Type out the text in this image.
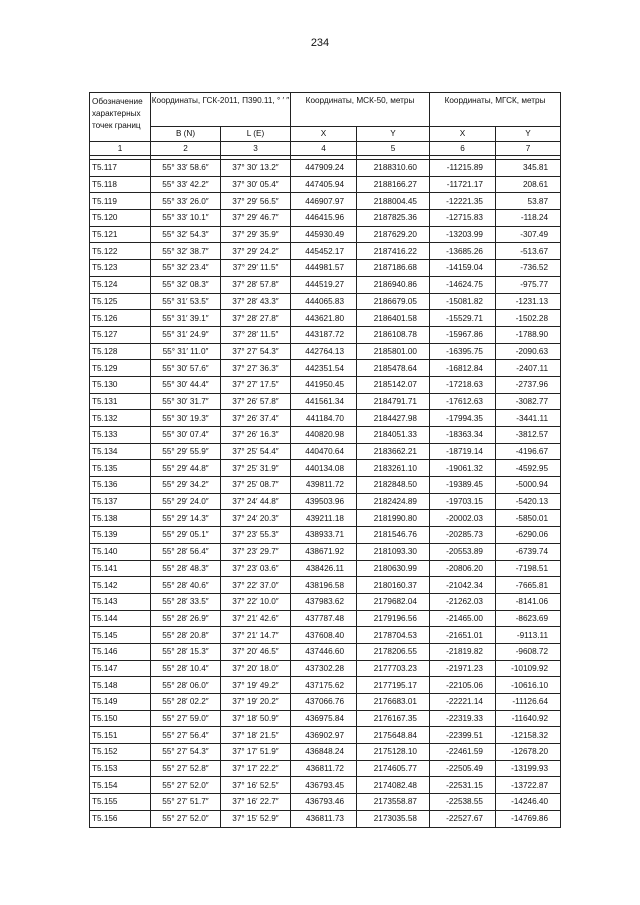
234
Обозначение характерных точек границ	Координаты, ГСК-2011, П390.11, ° ′ ″		Координаты, МСК-50, метры		Координаты, МГСК, метры	
	B (N)	L (E)	X	Y	X	Y
1	2	3	4	5	6	7

Т5.117	55° 33′ 58.6″	37° 30′ 13.2″	447909.24	2188310.60	-11215.89	345.81
Т5.118	55° 33′ 42.2″	37° 30′ 05.4″	447405.94	2188166.27	-11721.17	208.61
Т5.119	55° 33′ 26.0″	37° 29′ 56.5″	446907.97	2188004.45	-12221.35	53.87
Т5.120	55° 33′ 10.1″	37° 29′ 46.7″	446415.96	2187825.36	-12715.83	-118.24
Т5.121	55° 32′ 54.3″	37° 29′ 35.9″	445930.49	2187629.20	-13203.99	-307.49
Т5.122	55° 32′ 38.7″	37° 29′ 24.2″	445452.17	2187416.22	-13685.26	-513.67
Т5.123	55° 32′ 23.4″	37° 29′ 11.5″	444981.57	2187186.68	-14159.04	-736.52
Т5.124	55° 32′ 08.3″	37° 28′ 57.8″	444519.27	2186940.86	-14624.75	-975.77
Т5.125	55° 31′ 53.5″	37° 28′ 43.3″	444065.83	2186679.05	-15081.82	-1231.13
Т5.126	55° 31′ 39.1″	37° 28′ 27.8″	443621.80	2186401.58	-15529.71	-1502.28
Т5.127	55° 31′ 24.9″	37° 28′ 11.5″	443187.72	2186108.78	-15967.86	-1788.90
Т5.128	55° 31′ 11.0″	37° 27′ 54.3″	442764.13	2185801.00	-16395.75	-2090.63
Т5.129	55° 30′ 57.6″	37° 27′ 36.3″	442351.54	2185478.64	-16812.84	-2407.11
Т5.130	55° 30′ 44.4″	37° 27′ 17.5″	441950.45	2185142.07	-17218.63	-2737.96
Т5.131	55° 30′ 31.7″	37° 26′ 57.8″	441561.34	2184791.71	-17612.63	-3082.77
Т5.132	55° 30′ 19.3″	37° 26′ 37.4″	441184.70	2184427.98	-17994.35	-3441.11
Т5.133	55° 30′ 07.4″	37° 26′ 16.3″	440820.98	2184051.33	-18363.34	-3812.57
Т5.134	55° 29′ 55.9″	37° 25′ 54.4″	440470.64	2183662.21	-18719.14	-4196.67
Т5.135	55° 29′ 44.8″	37° 25′ 31.9″	440134.08	2183261.10	-19061.32	-4592.95
Т5.136	55° 29′ 34.2″	37° 25′ 08.7″	439811.72	2182848.50	-19389.45	-5000.94
Т5.137	55° 29′ 24.0″	37° 24′ 44.8″	439503.96	2182424.89	-19703.15	-5420.13
Т5.138	55° 29′ 14.3″	37° 24′ 20.3″	439211.18	2181990.80	-20002.03	-5850.01
Т5.139	55° 29′ 05.1″	37° 23′ 55.3″	438933.71	2181546.76	-20285.73	-6290.06
Т5.140	55° 28′ 56.4″	37° 23′ 29.7″	438671.92	2181093.30	-20553.89	-6739.74
Т5.141	55° 28′ 48.3″	37° 23′ 03.6″	438426.11	2180630.99	-20806.20	-7198.51
Т5.142	55° 28′ 40.6″	37° 22′ 37.0″	438196.58	2180160.37	-21042.34	-7665.81
Т5.143	55° 28′ 33.5″	37° 22′ 10.0″	437983.62	2179682.04	-21262.03	-8141.06
Т5.144	55° 28′ 26.9″	37° 21′ 42.6″	437787.48	2179196.56	-21465.00	-8623.69
Т5.145	55° 28′ 20.8″	37° 21′ 14.7″	437608.40	2178704.53	-21651.01	-9113.11
Т5.146	55° 28′ 15.3″	37° 20′ 46.5″	437446.60	2178206.55	-21819.82	-9608.72
Т5.147	55° 28′ 10.4″	37° 20′ 18.0″	437302.28	2177703.23	-21971.23	-10109.92
Т5.148	55° 28′ 06.0″	37° 19′ 49.2″	437175.62	2177195.17	-22105.06	-10616.10
Т5.149	55° 28′ 02.2″	37° 19′ 20.2″	437066.76	2176683.01	-22221.14	-11126.64
Т5.150	55° 27′ 59.0″	37° 18′ 50.9″	436975.84	2176167.35	-22319.33	-11640.92
Т5.151	55° 27′ 56.4″	37° 18′ 21.5″	436902.97	2175648.84	-22399.51	-12158.32
Т5.152	55° 27′ 54.3″	37° 17′ 51.9″	436848.24	2175128.10	-22461.59	-12678.20
Т5.153	55° 27′ 52.8″	37° 17′ 22.2″	436811.72	2174605.77	-22505.49	-13199.93
Т5.154	55° 27′ 52.0″	37° 16′ 52.5″	436793.45	2174082.48	-22531.15	-13722.87
Т5.155	55° 27′ 51.7″	37° 16′ 22.7″	436793.46	2173558.87	-22538.55	-14246.40
Т5.156	55° 27′ 52.0″	37° 15′ 52.9″	436811.73	2173035.58	-22527.67	-14769.86
